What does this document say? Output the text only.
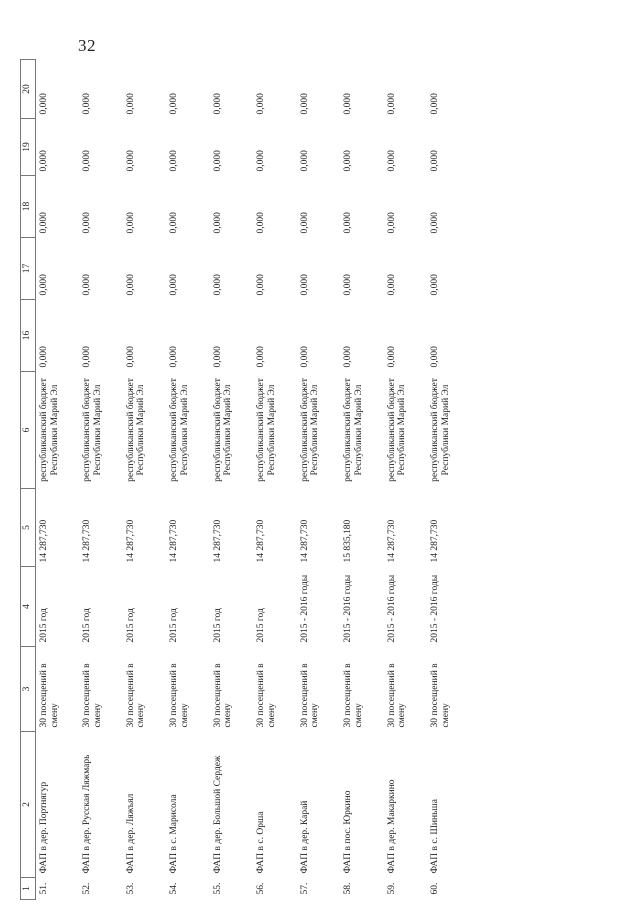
32
1	2	3	4	5	6	16	17	18	19	20
51.	ФАП в дер. Портнягур	30 посещений в смену	2015 год	14 287,730	республиканский бюджет Республики Марий Эл	0,000	0,000	0,000	0,000	0,000
52.	ФАП в дер. Русская Ляжмарь	30 посещений в смену	2015 год	14 287,730	республиканский бюджет Республики Марий Эл	0,000	0,000	0,000	0,000	0,000
53.	ФАП в дер. Ляжъял	30 посещений в смену	2015 год	14 287,730	республиканский бюджет Республики Марий Эл	0,000	0,000	0,000	0,000	0,000
54.	ФАП в с. Марисола	30 посещений в смену	2015 год	14 287,730	республиканский бюджет Республики Марий Эл	0,000	0,000	0,000	0,000	0,000
55.	ФАП в дер. Большой Сердеж	30 посещений в смену	2015 год	14 287,730	республиканский бюджет Республики Марий Эл	0,000	0,000	0,000	0,000	0,000
56.	ФАП в с. Орша	30 посещений в смену	2015 год	14 287,730	республиканский бюджет Республики Марий Эл	0,000	0,000	0,000	0,000	0,000
57.	ФАП в дер. Карай	30 посещений в смену	2015 - 2016 годы	14 287,730	республиканский бюджет Республики Марий Эл	0,000	0,000	0,000	0,000	0,000
58.	ФАП в пос. Юркино	30 посещений в смену	2015 - 2016 годы	15 835,180	республиканский бюджет Республики Марий Эл	0,000	0,000	0,000	0,000	0,000
59.	ФАП в дер. Макаркино	30 посещений в смену	2015 - 2016 годы	14 287,730	республиканский бюджет Республики Марий Эл	0,000	0,000	0,000	0,000	0,000
60.	ФАП в с. Шиньша	30 посещений в смену	2015 - 2016 годы	14 287,730	республиканский бюджет Республики Марий Эл	0,000	0,000	0,000	0,000	0,000
